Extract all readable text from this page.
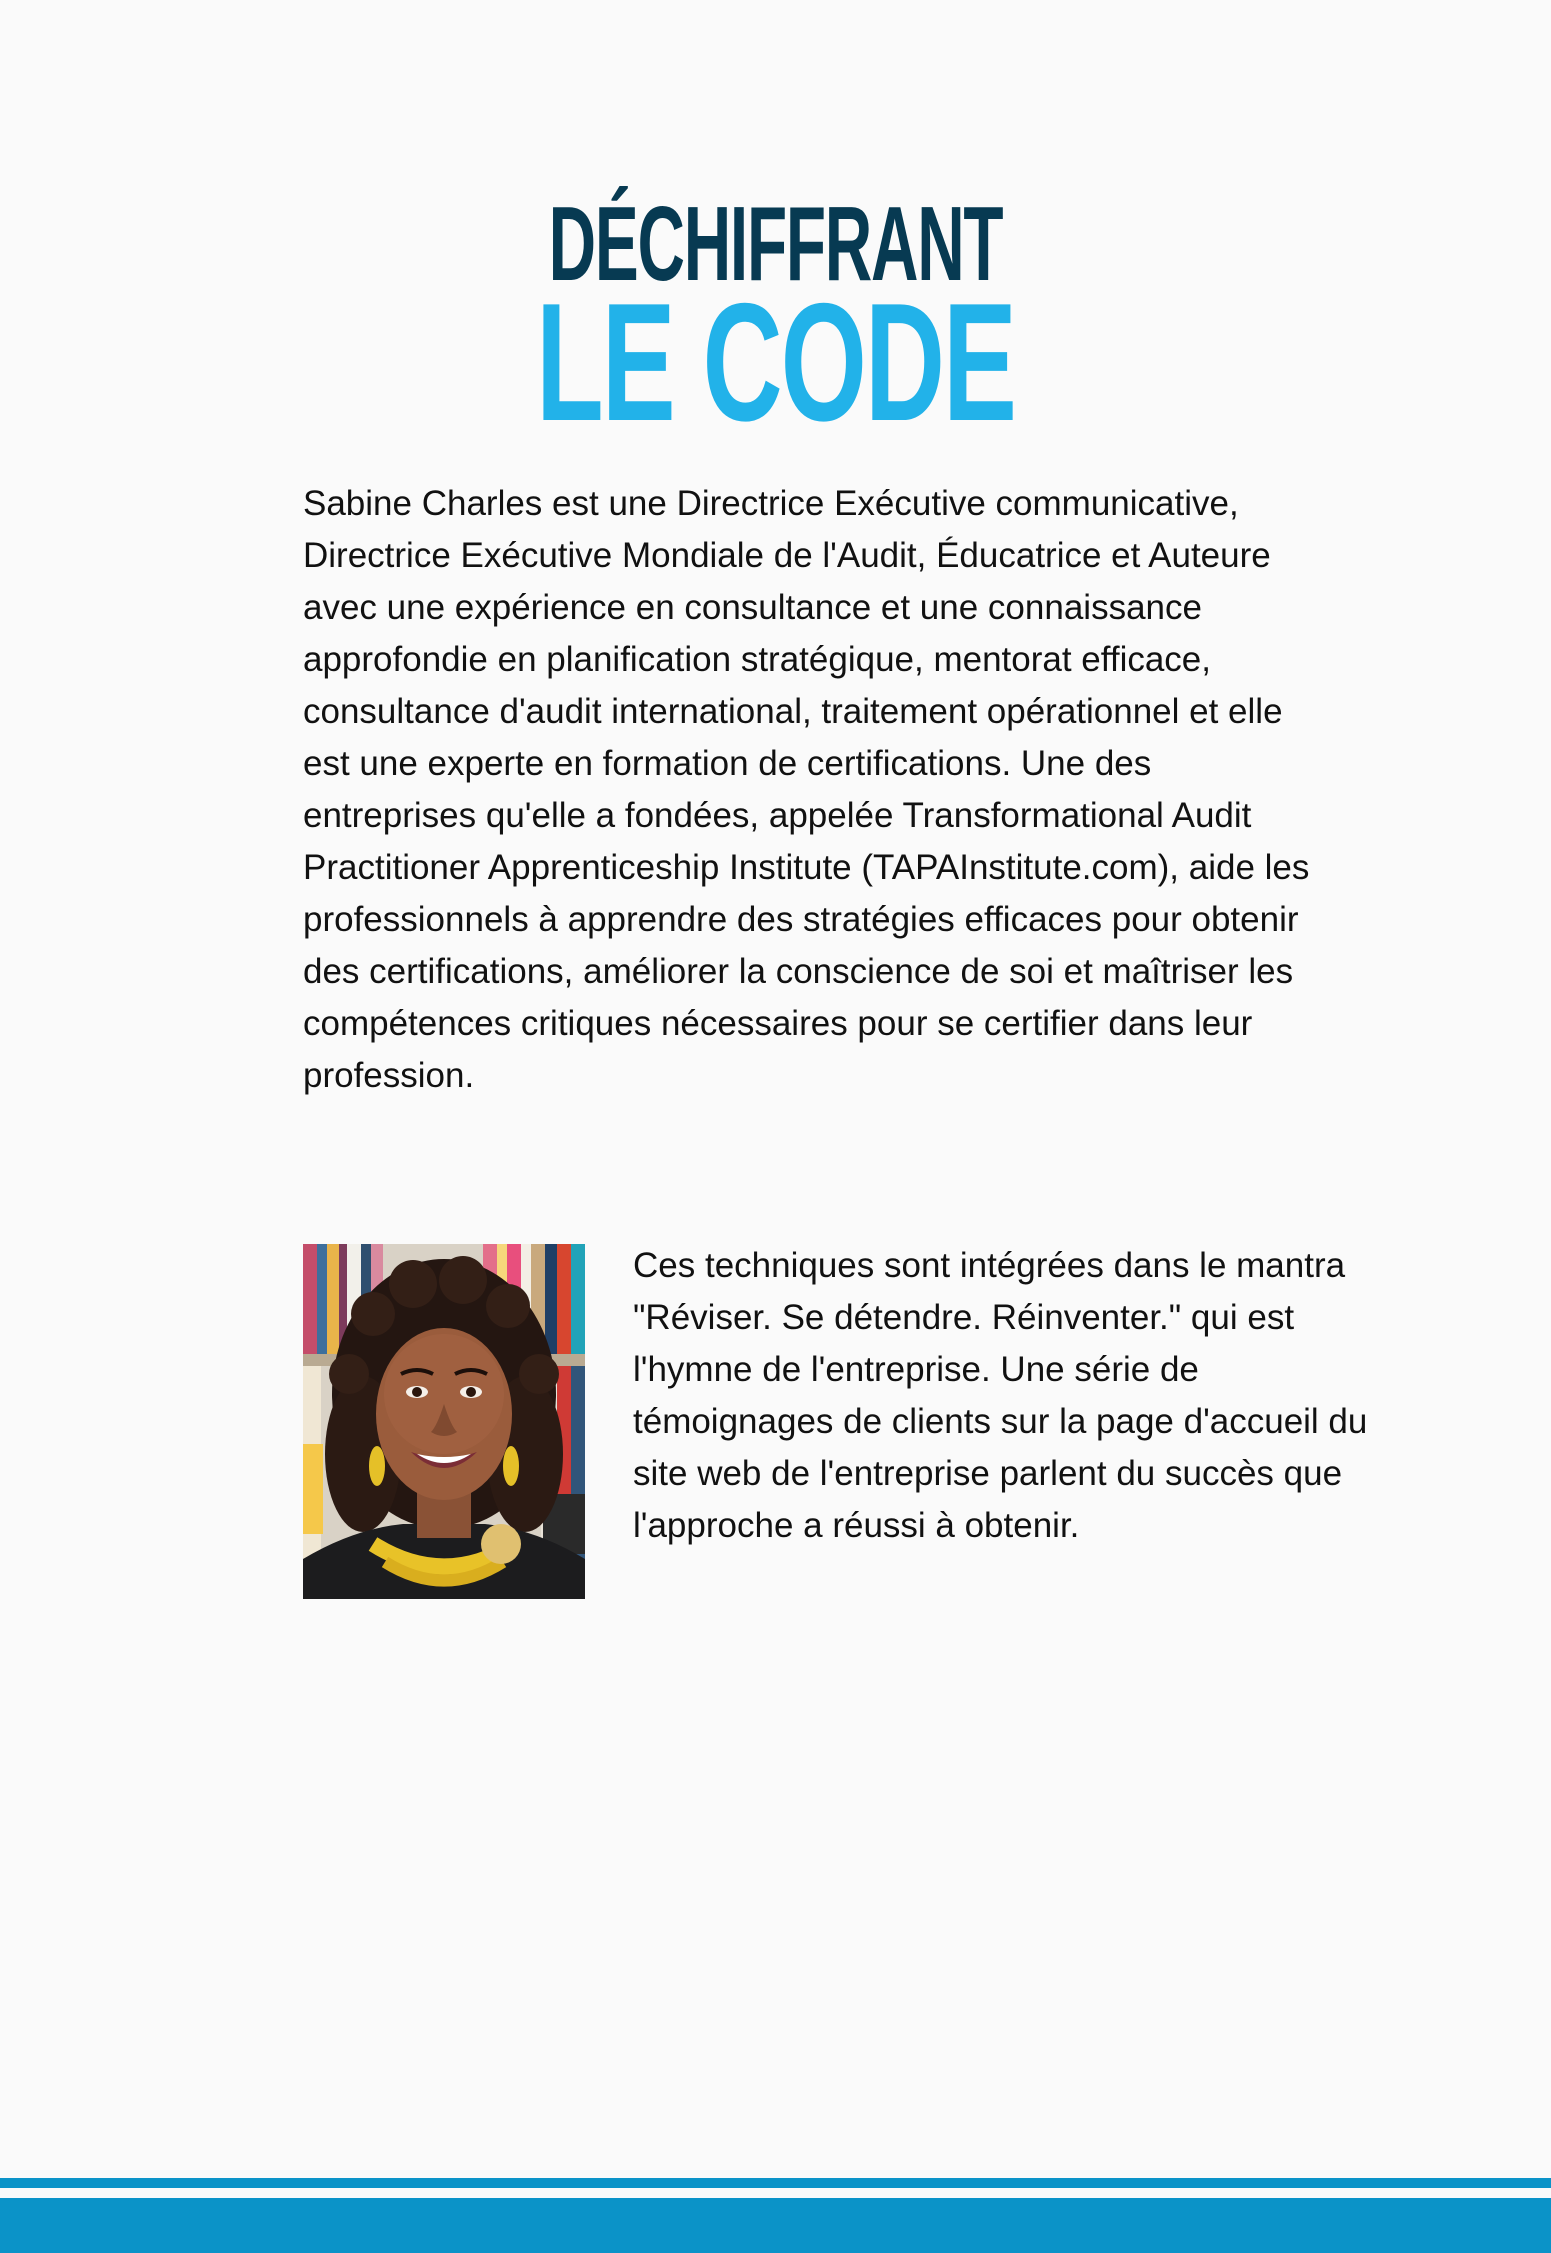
DÉCHIFFRANT
LE CODE

Sabine Charles est une Directrice Exécutive communicative, Directrice Exécutive Mondiale de l'Audit, Éducatrice et Auteure avec une expérience en consultance et une connaissance approfondie en planification stratégique, mentorat efficace, consultance d'audit international, traitement opérationnel et elle est une experte en formation de certifications. Une des entreprises qu'elle a fondées, appelée Transformational Audit Practitioner Apprenticeship Institute (TAPAInstitute.com), aide les professionnels à apprendre des stratégies efficaces pour obtenir des certifications, améliorer la conscience de soi et maîtriser les compétences critiques nécessaires pour se certifier dans leur profession.

Ces techniques sont intégrées dans le mantra "Réviser. Se détendre. Réinventer." qui est l'hymne de l'entreprise. Une série de témoignages de clients sur la page d'accueil du site web de l'entreprise parlent du succès que l'approche a réussi à obtenir.
